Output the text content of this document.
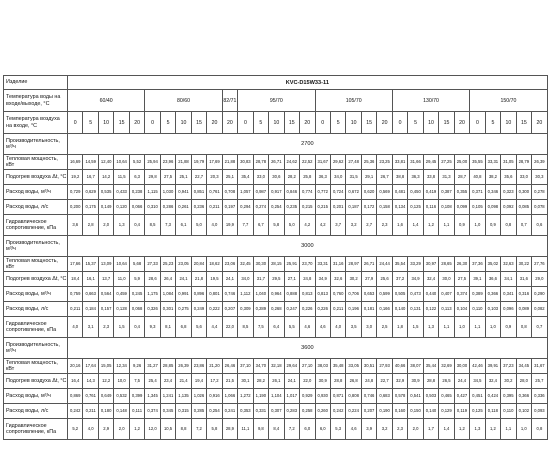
Изделие	KVC-D15W33-11																														
Температура воды на входе/выходе, °C	60/40					80/60					82/71	95/70					105/70					130/70					150/70				
Температура воздуха на входе, °C	0	5	10	15	20	0	5	10	15	20	20	0	5	10	15	20	0	5	10	15	20	0	5	10	15	20	0	5	10	15	20
Производительность, м³/ч	2700																														
Тепловая мощность, кВт	16,69	14,59	12,40	10,64	5,52	25,94	23,96	21,88	19,79	17,69	21,88	30,83	28,78	26,71	24,62	22,52	31,67	29,62	27,48	25,36	23,25	33,81	31,66	29,45	27,25	25,00	35,55	33,31	31,05	28,79	26,39
Подогрев воздуха Δt, °C	19,2	16,7	14,2	11,5	6,3	29,8	27,5	25,1	22,7	20,3	25,1	35,4	33,0	30,6	28,2	25,8	36,3	34,0	31,5	29,1	26,7	38,8	36,3	33,8	31,3	28,7	40,8	38,2	35,6	33,0	30,3
Расход воды, м³/ч	0,729	0,629	0,535	0,433	0,238	1,115	1,030	0,941	0,851	0,761	0,708	1,057	0,987	0,917	0,846	0,774	0,772	0,724	0,672	0,620	0,569	0,481	0,450	0,419	0,387	0,355	0,371	0,346	0,323	0,300	0,278
Расход воды, л/с	0,200	0,175	0,149	0,120	0,066	0,310	0,286	0,261	0,236	0,211	0,197	0,294	0,274	0,254	0,235	0,215	0,215	0,201	0,187	0,172	0,158	0,134	0,125	0,116	0,108	0,099	0,105	0,098	0,092	0,085	0,078
Гидравлическое сопротивление, кПа	3,6	2,8	2,0	1,3	0,4	8,5	7,3	6,1	5,0	4,0	19,9	7,7	6,7	5,8	5,0	4,2	4,2	3,7	3,2	2,7	2,3	1,6	1,4	1,2	1,1	0,9	1,0	0,9	0,8	0,7	0,6
Производительность, м³/ч	3000																														
Тепловая мощность, кВт	17,66	15,37	13,09	10,64	5,68	27,33	25,23	23,05	20,84	18,62	23,06	32,45	30,30	28,15	25,91	23,70	33,31	31,16	28,97	26,71	24,44	35,54	33,29	30,97	28,65	26,30	37,36	35,02	32,63	30,22	27,76
Подогрев воздуха Δt, °C	18,4	16,1	13,7	11,0	5,9	28,6	26,4	24,1	21,8	19,5	24,1	34,0	31,7	29,5	27,1	24,8	34,9	32,6	30,2	27,9	25,6	37,2	34,9	32,4	30,0	27,5	39,1	36,6	34,1	31,6	29,0
Расход воды, м³/ч	0,759	0,663	0,564	0,459	0,245	1,175	1,084	0,991	0,896	0,801	0,746	1,112	1,040	0,964	0,888	0,813	0,813	0,760	0,706	0,653	0,599	0,505	0,473	0,440	0,407	0,374	0,389	0,366	0,341	0,316	0,290
Расход воды, л/с	0,211	0,184	0,157	0,128	0,068	0,326	0,301	0,275	0,249	0,222	0,207	0,309	0,289	0,268	0,247	0,226	0,226	0,211	0,196	0,181	0,166	0,140	0,131	0,122	0,113	0,104	0,110	0,103	0,096	0,089	0,082
Гидравлическое сопротивление, кПа	4,0	3,1	2,3	1,5	0,4	9,3	8,1	6,8	5,6	4,4	22,0	8,5	7,5	6,4	5,5	4,6	4,6	4,0	3,5	3,0	2,5	1,8	1,5	1,3	1,1	1,0	1,1	1,0	0,9	0,8	0,7
Производительность, м³/ч	3600																														
Тепловая мощность, кВт	20,16	17,64	15,05	12,34	9,26	31,27	28,85	26,39	23,86	21,20	26,46	37,10	34,70	32,18	29,64	27,10	38,03	35,48	33,05	30,51	27,93	40,66	38,07	35,44	32,69	30,00	42,46	39,91	37,23	34,45	31,67
Подогрев воздуха Δt, °C	16,4	14,3	12,2	10,0	7,5	25,4	23,4	21,4	19,4	17,2	21,5	30,1	28,2	26,1	24,1	22,0	30,9	28,8	26,8	24,8	22,7	32,9	30,9	28,8	26,5	24,4	34,5	32,4	30,2	28,0	25,7
Расход воды, м³/ч	0,869	0,761	0,649	0,532	0,399	1,345	1,241	1,135	1,026	0,916	1,066	1,272	1,190	1,104	1,017	0,929	0,930	0,871	0,808	0,746	0,683	0,578	0,541	0,503	0,465	0,427	0,451	0,424	0,395	0,366	0,336
Расход воды, л/с	0,242	0,211	0,180	0,148	0,111	0,374	0,345	0,315	0,285	0,254	0,241	0,353	0,331	0,307	0,283	0,258	0,260	0,242	0,224	0,207	0,190	0,160	0,150	0,140	0,129	0,119	0,125	0,118	0,110	0,102	0,093
Гидравлическое сопротивление, кПа	5,2	4,0	2,9	2,0	1,2	12,0	10,5	8,8	7,2	5,8	28,9	11,1	9,8	8,4	7,2	6,0	6,0	5,3	4,6	3,9	3,2	2,3	2,0	1,7	1,4	1,2	1,3	1,2	1,1	1,0	0,8
